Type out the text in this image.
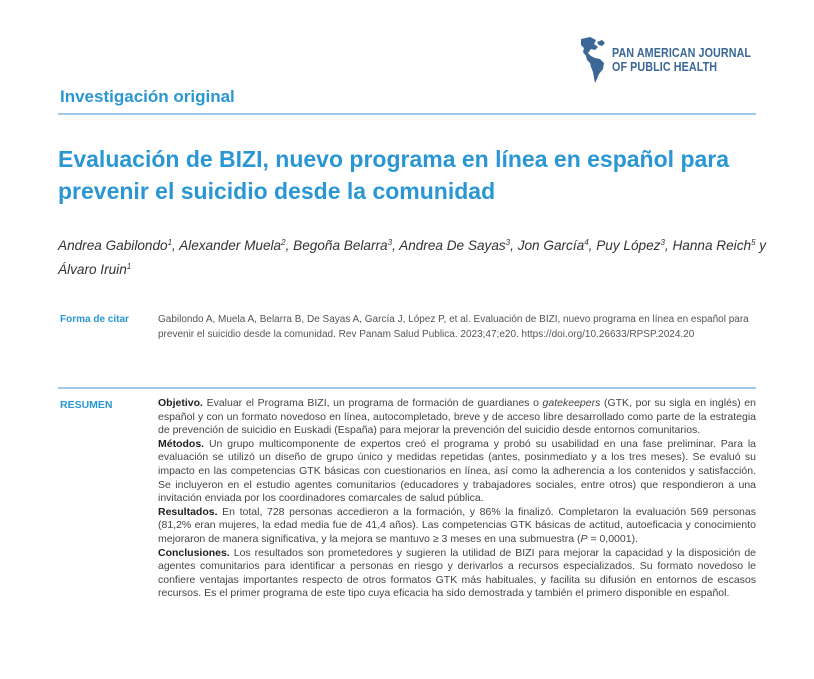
PAN AMERICAN JOURNAL
OF PUBLIC HEALTH
Investigación original
Evaluación de BIZI, nuevo programa en línea en español para prevenir el suicidio desde la comunidad
Andrea Gabilondo$^1$, Alexander Muela$^2$, Begoña Belarra$^3$, Andrea De Sayas$^3$, Jon García$^4$, Puy López$^3$, Hanna Reich$^5$ y Álvaro Iruin$^1$
Forma de citar	Gabilondo A, Muela A, Belarra B, De Sayas A, García J, López P, et al. Evaluación de BIZI, nuevo programa en línea en español para prevenir el suicidio desde la comunidad. Rev Panam Salud Publica. 2023;47;e20. https://doi.org/10.26633/RPSP.2024.20
RESUMEN	Objetivo. Evaluar el Programa BIZI, un programa de formación de guardianes o gatekeepers (GTK, por su sigla en inglés) en español y con un formato novedoso en línea, autocompletado, breve y de acceso libre desarrollado como parte de la estrategia de prevención de suicidio en Euskadi (España) para mejorar la prevención del suicidio desde entornos comunitarios.

Métodos. Un grupo multicomponente de expertos creó el programa y probó su usabilidad en una fase preliminar. Para la evaluación se utilizó un diseño de grupo único y medidas repetidas (antes, posinmediato y a los tres meses). Se evaluó su impacto en las competencias GTK básicas con cuestionarios en línea, así como la adherencia a los contenidos y satisfacción. Se incluyeron en el estudio agentes comunitarios (educadores y trabajadores sociales, entre otros) que respondieron a una invitación enviada por los coordinadores comarcales de salud pública.

Resultados. En total, 728 personas accedieron a la formación, y 86% la finalizó. Completaron la evaluación 569 personas (81,2% eran mujeres, la edad media fue de 41,4 años). Las competencias GTK básicas de actitud, autoeficacia y conocimiento mejoraron de manera significativa, y la mejora se mantuvo ≥ 3 meses en una submuestra (P = 0,0001).

Conclusiones. Los resultados son prometedores y sugieren la utilidad de BIZI para mejorar la capacidad y la disposición de agentes comunitarios para identificar a personas en riesgo y derivarlos a recursos especializados. Su formato novedoso le confiere ventajas importantes respecto de otros formatos GTK más habituales, y facilita su difusión en entornos de escasos recursos. Es el primer programa de este tipo cuya eficacia ha sido demostrada y también el primero disponible en español.
